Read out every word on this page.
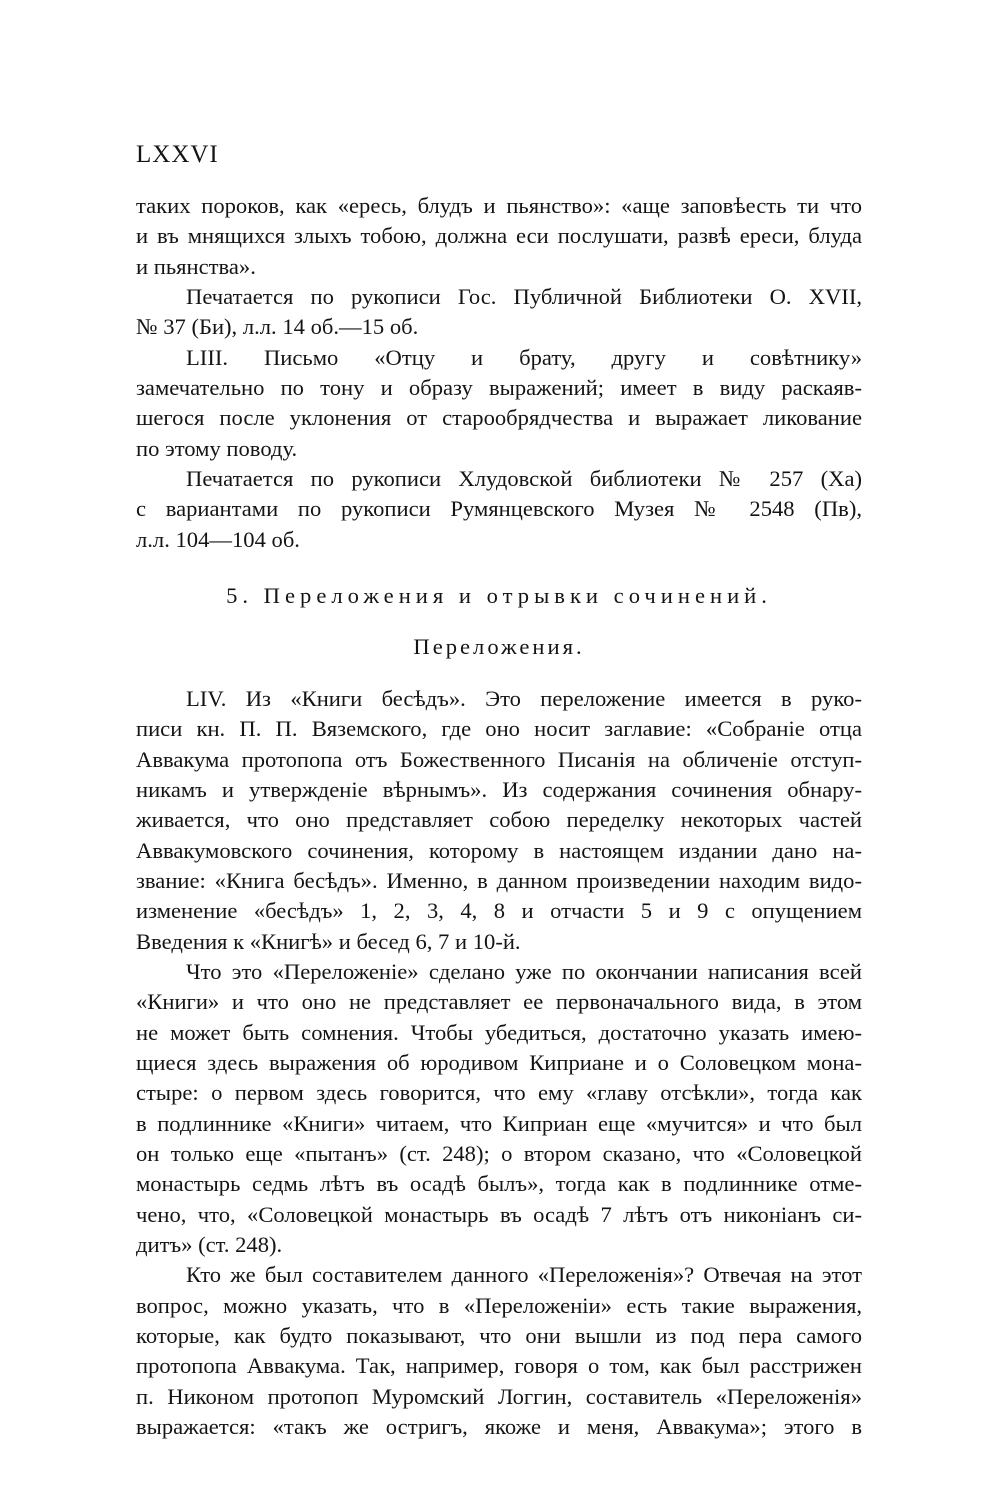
LXXVI
таких пороков, как «ересь, блудъ и пьянство»: «аще заповѣесть ти что
и въ мнящихся злыхъ тобою, должна еси послушати, развѣ ереси, блуда
и пьянства».
Печатается по рукописи Гос. Публичной Библиотеки О. XVII,
№ 37 (Би), л.л. 14 об.—15 об.
LIII. Письмо «Отцу и брату, другу и совѣтнику»
замечательно по тону и образу выражений; имеет в виду раскаяв-
шегося после уклонения от старообрядчества и выражает ликование
по этому поводу.
Печатается по рукописи Хлудовской библиотеки № 257 (Ха)
с вариантами по рукописи Румянцевского Музея № 2548 (Пв),
л.л. 104—104 об.
5. Переложения и отрывки сочинений.
Переложения.
LIV. Из «Книги бесѣдъ». Это переложение имеется в руко-
писи кн. П. П. Вяземского, где оно носит заглавие: «Собраніе отца
Аввакума протопопа отъ Божественного Писанія на обличеніе отступ-
никамъ и утвержденіе вѣрнымъ». Из содержания сочинения обнару-
живается, что оно представляет собою переделку некоторых частей
Аввакумовского сочинения, которому в настоящем издании дано на-
звание: «Книга бесѣдъ». Именно, в данном произведении находим видо-
изменение «бесѣдъ» 1, 2, 3, 4, 8 и отчасти 5 и 9 с опущением
Введения к «Книгѣ» и бесед 6, 7 и 10-й.
Что это «Переложеніе» сделано уже по окончании написания всей
«Книги» и что оно не представляет ее первоначального вида, в этом
не может быть сомнения. Чтобы убедиться, достаточно указать имею-
щиеся здесь выражения об юродивом Киприане и о Соловецком мона-
стыре: о первом здесь говорится, что ему «главу отсѣкли», тогда как
в подлиннике «Книги» читаем, что Киприан еще «мучится» и что был
он только еще «пытанъ» (ст. 248); о втором сказано, что «Соловецкой
монастырь седмь лѣтъ въ осадѣ былъ», тогда как в подлиннике отме-
чено, что, «Соловецкой монастырь въ осадѣ 7 лѣтъ отъ никоніанъ си-
дитъ» (ст. 248).
Кто же был составителем данного «Переложенія»? Отвечая на этот
вопрос, можно указать, что в «Переложеніи» есть такие выражения,
которые, как будто показывают, что они вышли из под пера самого
протопопа Аввакума. Так, например, говоря о том, как был расстрижен
п. Никоном протопоп Муромский Логгин, составитель «Переложенія»
выражается: «такъ же остригъ, якоже и меня, Аввакума»; этого в
